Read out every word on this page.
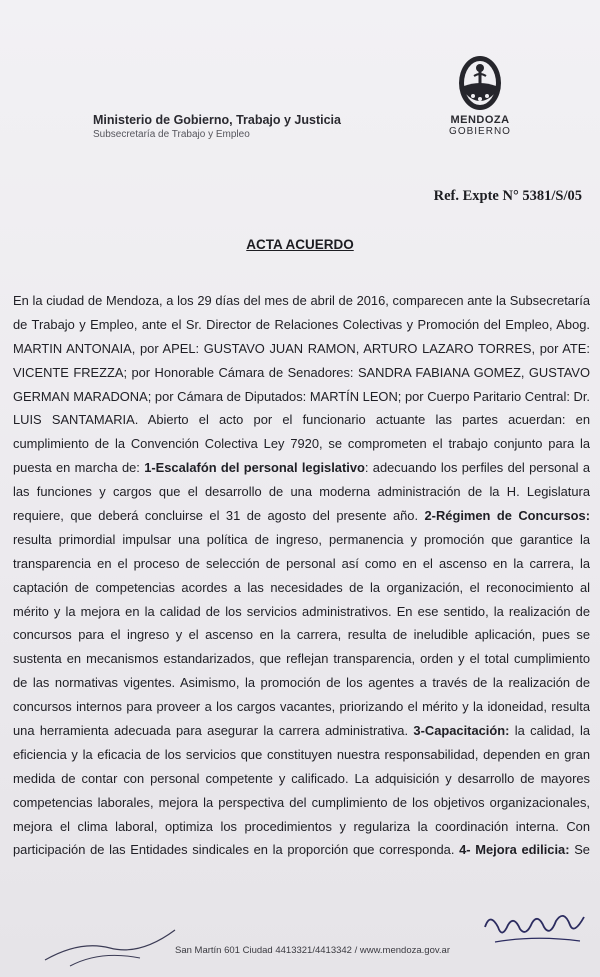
Ministerio de Gobierno, Trabajo y Justicia
Subsecretaría de Trabajo y Empleo
MENDOZA
GOBIERNO
Ref. Expte N° 5381/S/05
ACTA ACUERDO
En la ciudad de Mendoza, a los 29 días del mes de abril de 2016, comparecen ante la Subsecretaría
de Trabajo y Empleo, ante el Sr. Director de Relaciones Colectivas y Promoción del Empleo, Abog.
MARTIN ANTONAIA, por APEL: GUSTAVO JUAN RAMON, ARTURO LAZARO TORRES, por ATE:
VICENTE FREZZA; por Honorable Cámara de Senadores: SANDRA FABIANA GOMEZ, GUSTAVO
GERMAN MARADONA; por Cámara de Diputados: MARTÍN LEON; por Cuerpo Paritario Central: Dr.
LUIS SANTAMARIA. Abierto el acto por el funcionario actuante las partes acuerdan: en
cumplimiento de la Convención Colectiva Ley 7920, se comprometen el trabajo conjunto para la
puesta en marcha de: 1-Escalafón del personal legislativo: adecuando los perfiles del personal a
las funciones y cargos que el desarrollo de una moderna administración de la H. Legislatura
requiere, que deberá concluirse el 31 de agosto del presente año. 2-Régimen de Concursos:
resulta primordial impulsar una política de ingreso, permanencia y promoción que garantice la
transparencia en el proceso de selección de personal así como en el ascenso en la carrera, la
captación de competencias acordes a las necesidades de la organización, el reconocimiento al
mérito y la mejora en la calidad de los servicios administrativos. En ese sentido, la realización de
concursos para el ingreso y el ascenso en la carrera, resulta de ineludible aplicación, pues se
sustenta en mecanismos estandarizados, que reflejan transparencia, orden y el total cumplimiento
de las normativas vigentes. Asimismo, la promoción de los agentes a través de la realización de
concursos internos para proveer a los cargos vacantes, priorizando el mérito y la idoneidad, resulta
una herramienta adecuada para asegurar la carrera administrativa. 3-Capacitación: la calidad, la
eficiencia y la eficacia de los servicios que constituyen nuestra responsabilidad, dependen en gran
medida de contar con personal competente y calificado. La adquisición y desarrollo de mayores
competencias laborales, mejora la perspectiva del cumplimiento de los objetivos organizacionales,
mejora el clima laboral, optimiza los procedimientos y regulariza la coordinación interna. Con
participación de las Entidades sindicales en la proporción que corresponda. 4- Mejora edilicia: Se
San Martín 601 Ciudad 4413321/4413342 / www.mendoza.gov.ar
